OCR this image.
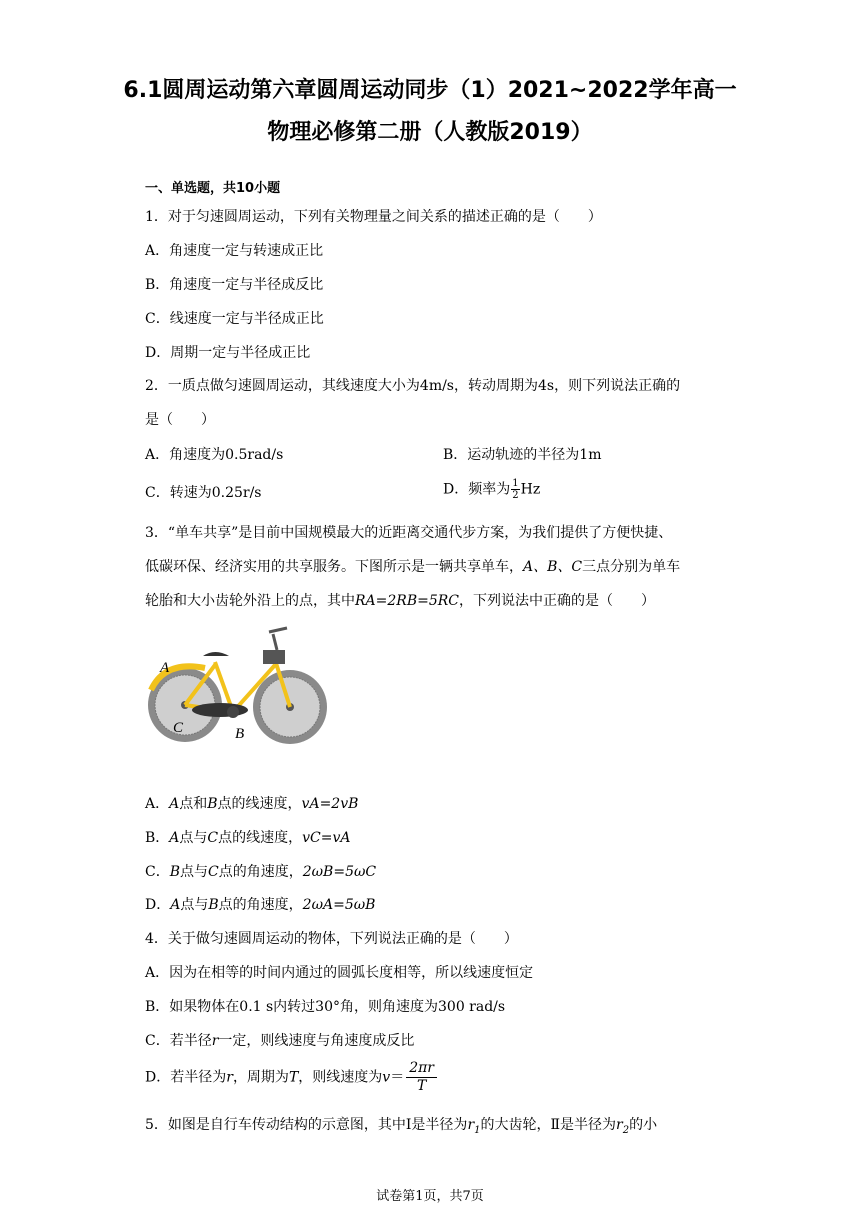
6.1圆周运动第六章圆周运动同步（1）2021~2022学年高一
物理必修第二册（人教版2019）
一、单选题，共10小题
1．对于匀速圆周运动，下列有关物理量之间关系的描述正确的是（　　）
A．角速度一定与转速成正比
B．角速度一定与半径成反比
C．线速度一定与半径成正比
D．周期一定与半径成正比
2．一质点做匀速圆周运动，其线速度大小为4m/s，转动周期为4s，则下列说法正确的
是（　　）
A．角速度为0.5rad/s	B．运动轨迹的半径为1m
C．转速为0.25r/s	D．频率为 $\frac{1}{2}$ Hz
3．“单车共享”是目前中国规模最大的近距离交通代步方案，为我们提供了方便快捷、
低碳环保、经济实用的共享服务。下图所示是一辆共享单车，A、B、C三点分别为单车
轮胎和大小齿轮外沿上的点，其中RA=2RB=5RC，下列说法中正确的是（　　）
A
C	B
A．A点和B点的线速度，vA=2vB
B．A点与C点的线速度，vC=vA
C．B点与C点的角速度，2ωB=5ωC
D．A点与B点的角速度，2ωA=5ωB
4．关于做匀速圆周运动的物体，下列说法正确的是（　　）
A．因为在相等的时间内通过的圆弧长度相等，所以线速度恒定
B．如果物体在0.1 s内转过30°角，则角速度为300 rad/s
C．若半径r一定，则线速度与角速度成反比
D．若半径为r，周期为T，则线速度为$v= \frac{2\pi r}{T}$
5．如图是自行车传动结构的示意图，其中Ⅰ是半径为$r_1$的大齿轮，Ⅱ是半径为$r_2$的小
试卷第1页，共7页
